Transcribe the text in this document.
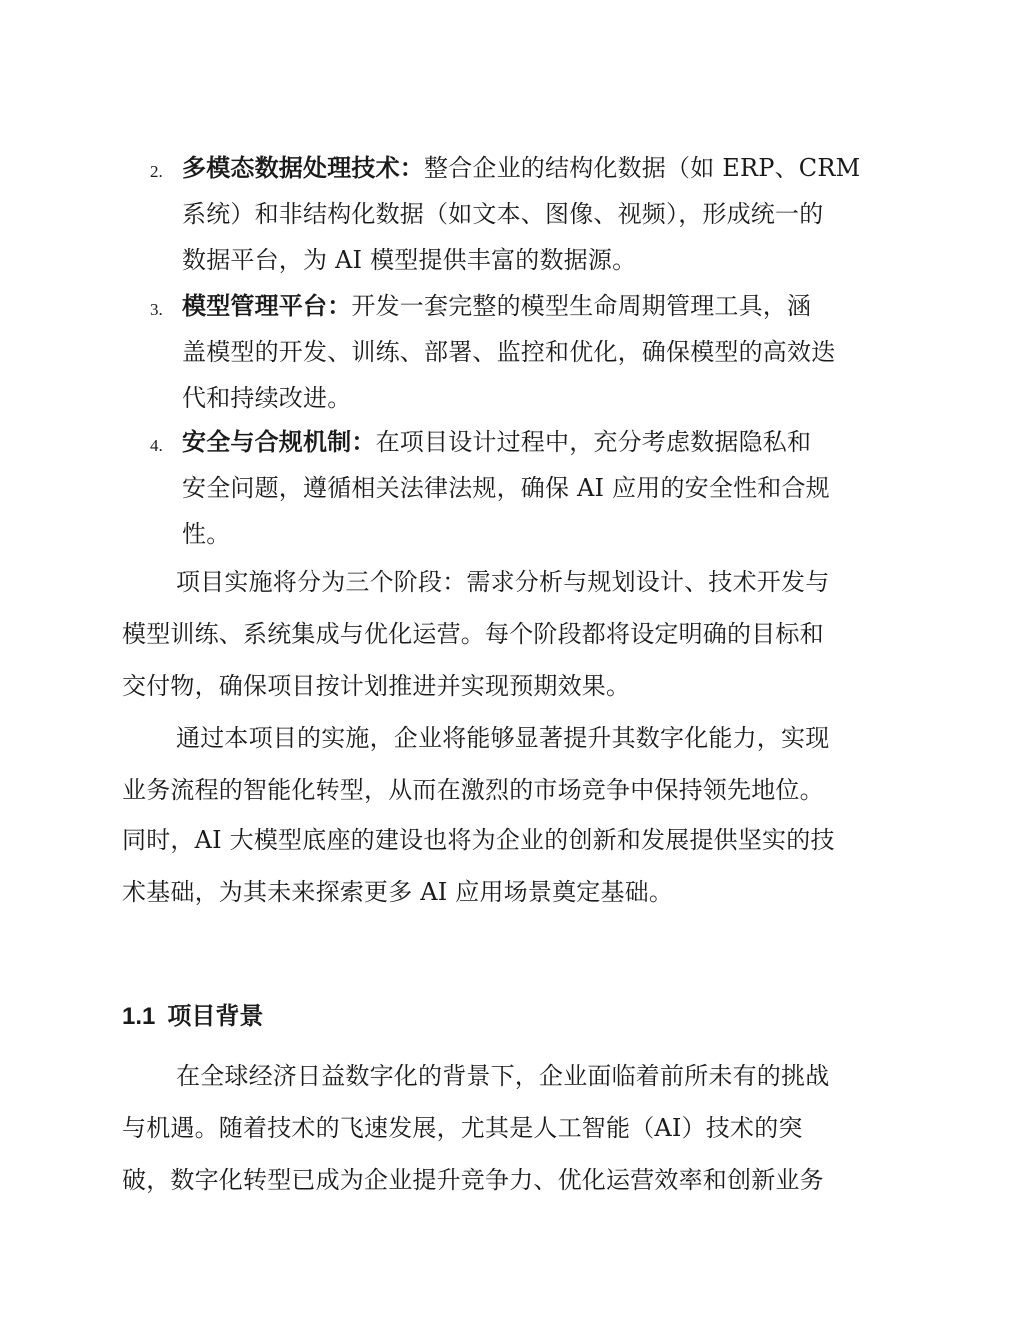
2. 多模态数据处理技术：整合企业的结构化数据（如 ERP、CRM
系统）和非结构化数据（如文本、图像、视频），形成统一的
数据平台，为 AI 模型提供丰富的数据源。
3. 模型管理平台：开发一套完整的模型生命周期管理工具，涵
盖模型的开发、训练、部署、监控和优化，确保模型的高效迭
代和持续改进。
4. 安全与合规机制：在项目设计过程中，充分考虑数据隐私和
安全问题，遵循相关法律法规，确保 AI 应用的安全性和合规
性。
项目实施将分为三个阶段：需求分析与规划设计、技术开发与
模型训练、系统集成与优化运营。每个阶段都将设定明确的目标和
交付物，确保项目按计划推进并实现预期效果。
通过本项目的实施，企业将能够显著提升其数字化能力，实现
业务流程的智能化转型，从而在激烈的市场竞争中保持领先地位。
同时，AI 大模型底座的建设也将为企业的创新和发展提供坚实的技
术基础，为其未来探索更多 AI 应用场景奠定基础。
1.1 项目背景
在全球经济日益数字化的背景下，企业面临着前所未有的挑战
与机遇。随着技术的飞速发展，尤其是人工智能（AI）技术的突
破，数字化转型已成为企业提升竞争力、优化运营效率和创新业务
